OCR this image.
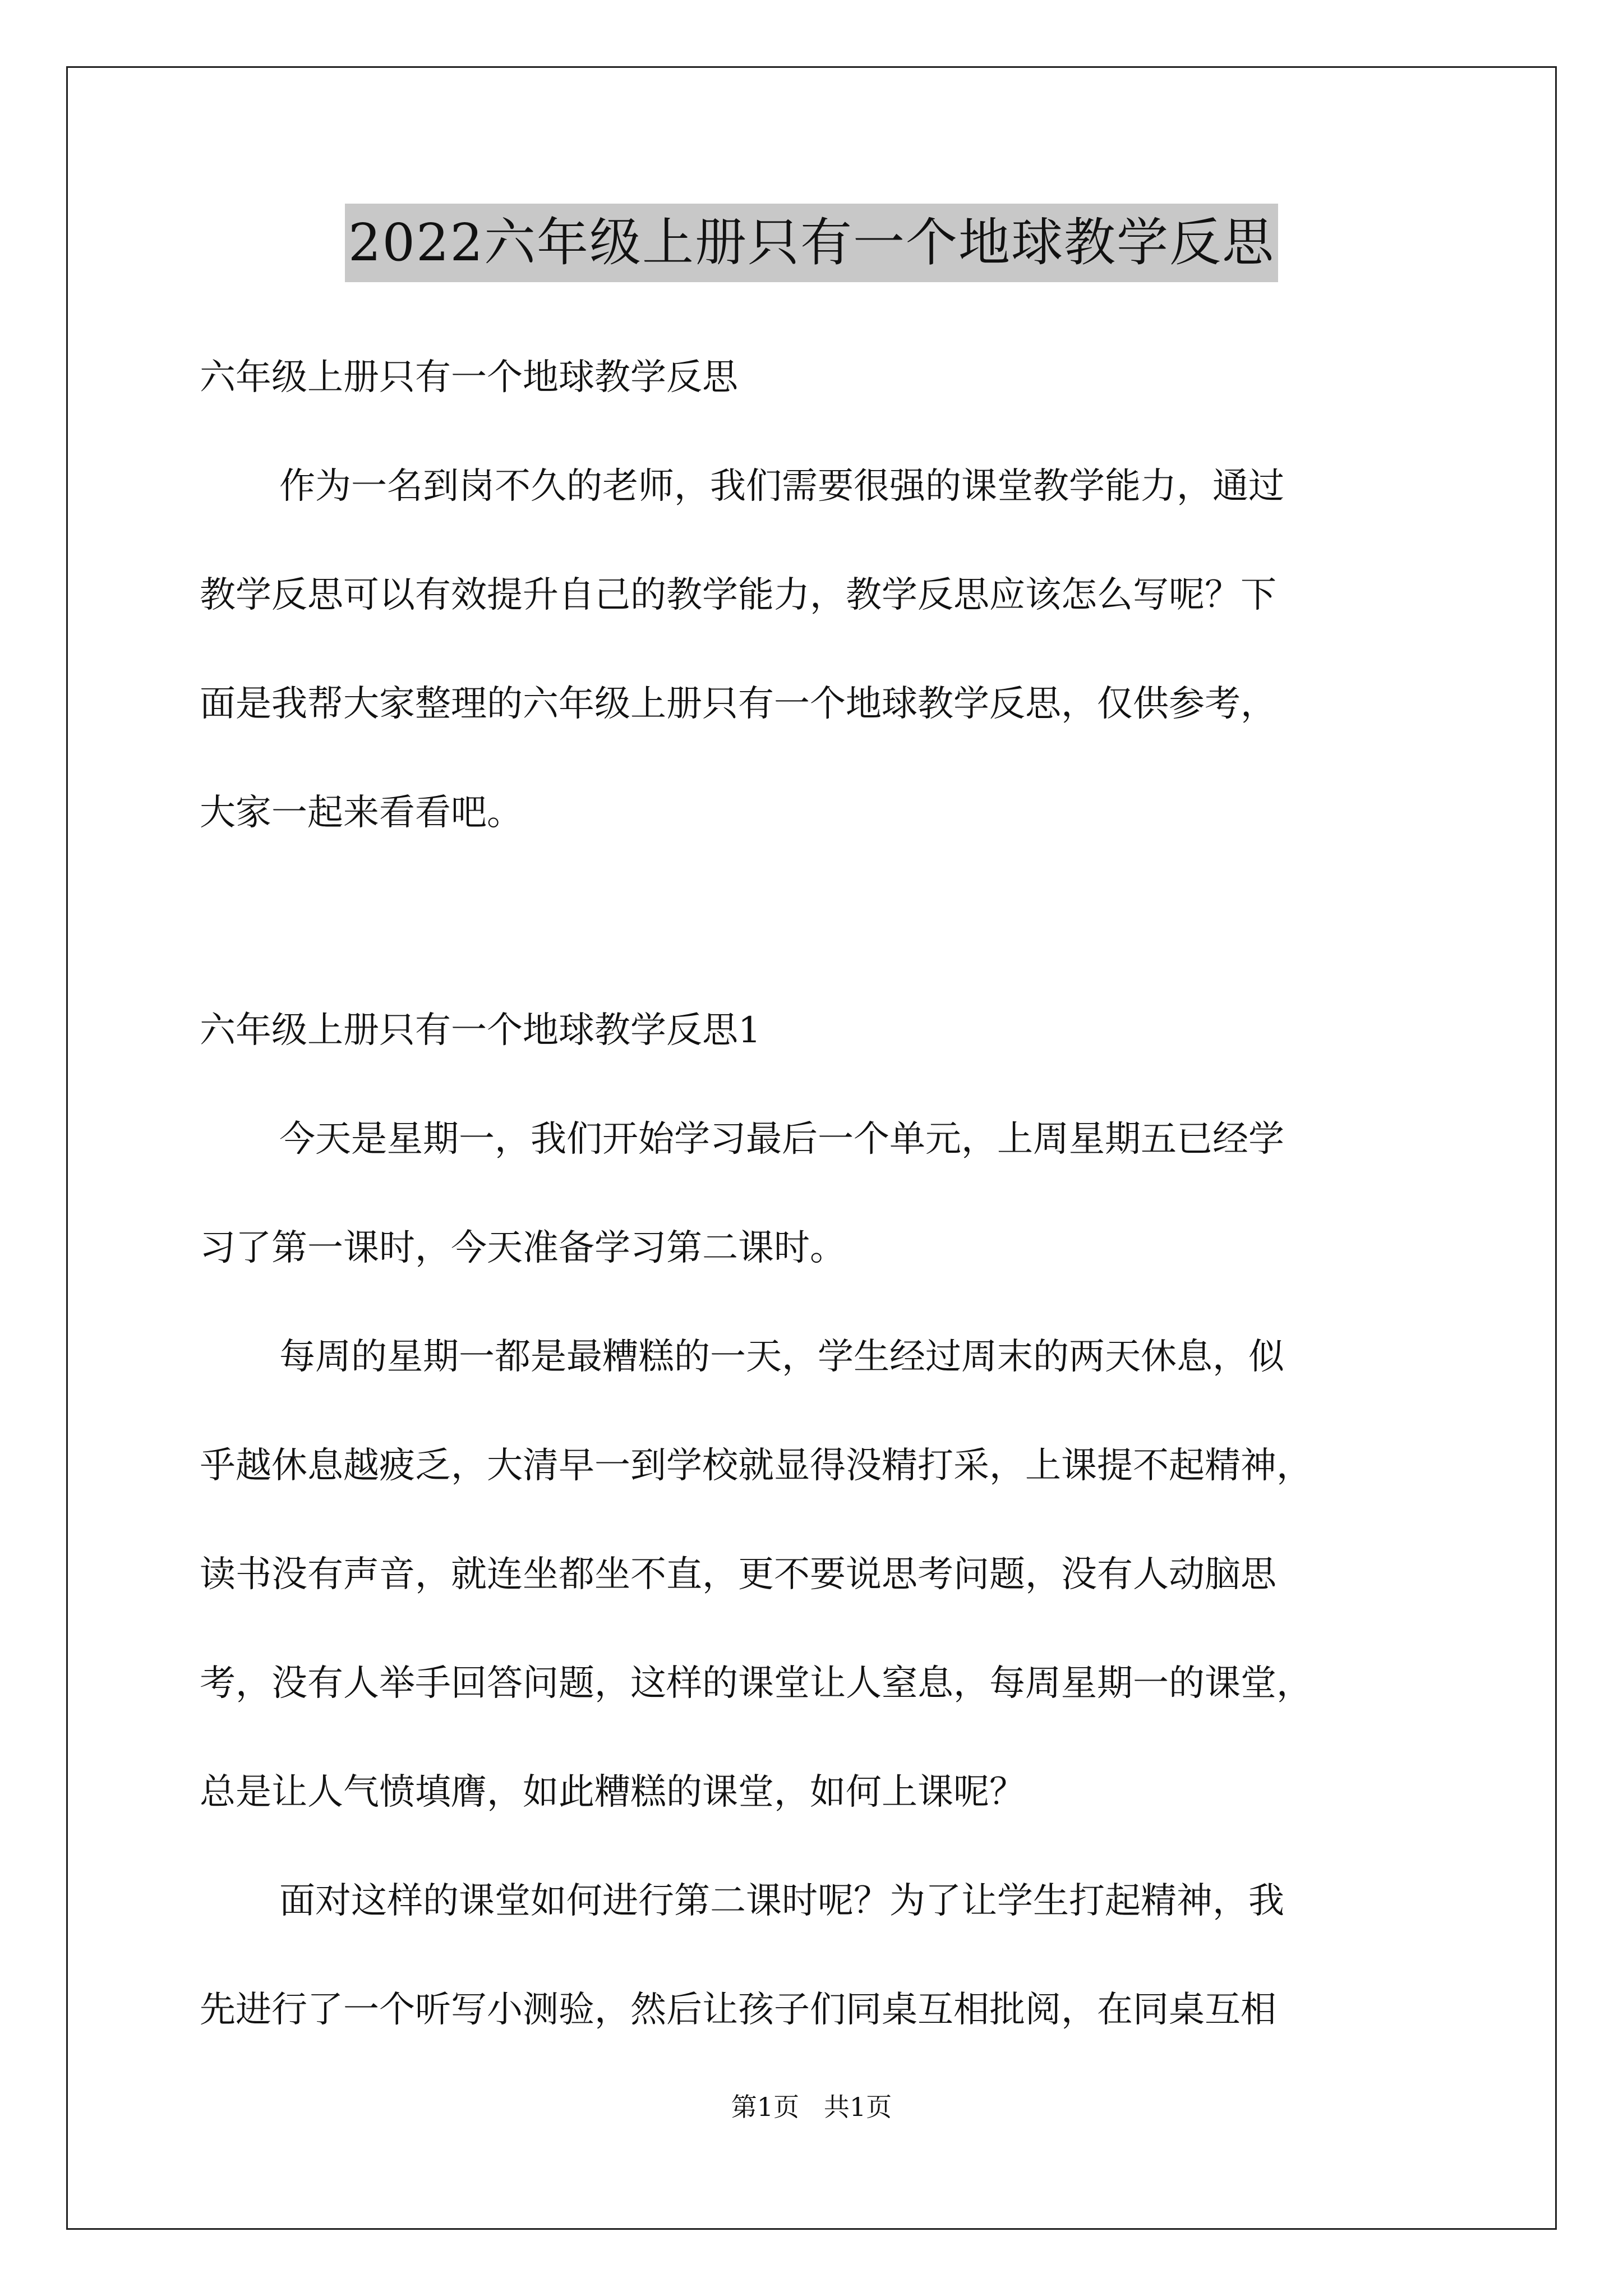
2022六年级上册只有一个地球教学反思
六年级上册只有一个地球教学反思
作为一名到岗不久的老师，我们需要很强的课堂教学能力，通过
教学反思可以有效提升自己的教学能力，教学反思应该怎么写呢？下
面是我帮大家整理的六年级上册只有一个地球教学反思，仅供参考，
大家一起来看看吧。
六年级上册只有一个地球教学反思1
今天是星期一，我们开始学习最后一个单元，上周星期五已经学
习了第一课时，今天准备学习第二课时。
每周的星期一都是最糟糕的一天，学生经过周末的两天休息，似
乎越休息越疲乏，大清早一到学校就显得没精打采，上课提不起精神，
读书没有声音，就连坐都坐不直，更不要说思考问题，没有人动脑思
考，没有人举手回答问题，这样的课堂让人窒息，每周星期一的课堂，
总是让人气愤填膺，如此糟糕的课堂，如何上课呢？
面对这样的课堂如何进行第二课时呢？为了让学生打起精神，我
先进行了一个听写小测验，然后让孩子们同桌互相批阅，在同桌互相
第1页   共1页
